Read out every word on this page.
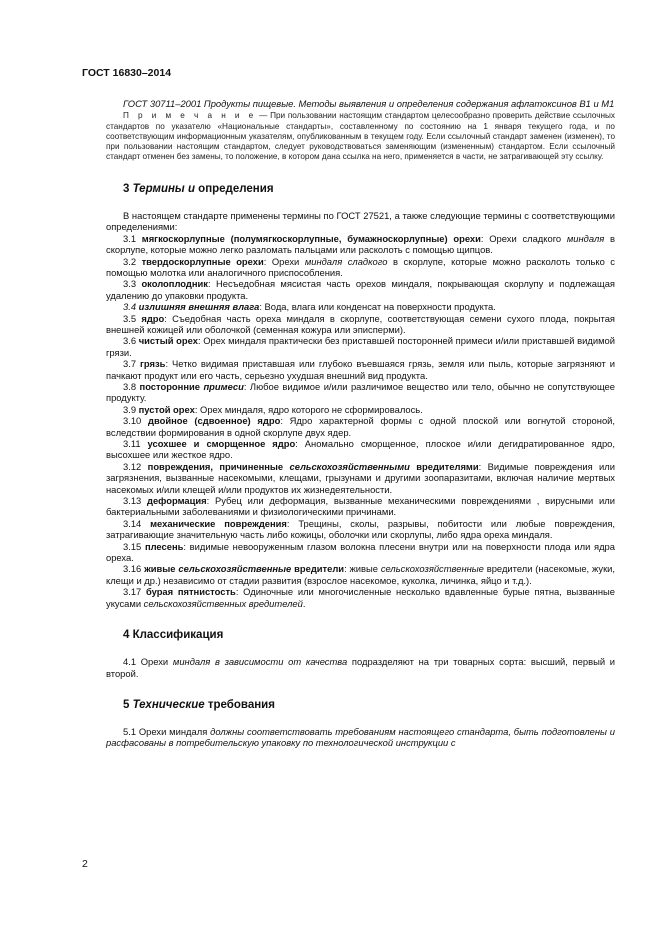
ГОСТ 16830–2014

ГОСТ 30711–2001 Продукты пищевые. Методы выявления и определения содержания афлатоксинов В1 и М1

П р и м е ч а н и е — При пользовании настоящим стандартом целесообразно проверить действие ссылочных стандартов по указателю «Национальные стандарты», составленному по состоянию на 1 января текущего года, и по соответствующим информационным указателям, опубликованным в текущем году. Если ссылочный стандарт заменен (изменен), то при пользовании настоящим стандартом, следует руководствоваться заменяющим (измененным) стандартом. Если ссылочный стандарт отменен без замены, то положение, в котором дана ссылка на него, применяется в части, не затрагивающей эту ссылку.

3 Термины и определения

В настоящем стандарте применены термины по ГОСТ 27521, а также следующие термины с соответствующими определениями:

3.1 мягкоскорлупные (полумягкоскорлупные, бумажноскорлупные) орехи: Орехи сладкого миндаля в скорлупе, которые можно легко разломать пальцами или расколоть с помощью щипцов.

3.2 твердоскорлупные орехи: Орехи миндаля сладкого в скорлупе, которые можно расколоть только с помощью молотка или аналогичного приспособления.

3.3 околоплодник: Несъедобная мясистая часть орехов миндаля, покрывающая скорлупу и подлежащая удалению до упаковки продукта.

3.4 излишняя внешняя влага: Вода, влага или конденсат на поверхности продукта.

3.5 ядро: Съедобная часть ореха миндаля в скорлупе, соответствующая семени сухого плода, покрытая внешней кожицей или оболочкой (семенная кожура или эписперми).

3.6 чистый орех: Орех миндаля практически без приставшей посторонней примеси и/или приставшей видимой грязи.

3.7 грязь: Четко видимая приставшая или глубоко въевшаяся грязь, земля или пыль, которые загрязняют и пачкают продукт или его часть, серьезно ухудшая внешний вид продукта.

3.8 посторонние примеси: Любое видимое и/или различимое вещество или тело, обычно не сопутствующее продукту.

3.9 пустой орех: Орех миндаля, ядро которого не сформировалось.

3.10 двойное (сдвоенное) ядро: Ядро характерной формы с одной плоской или вогнутой стороной, вследствии формирования в одной скорлупе двух ядер.

3.11 усохшее и сморщенное ядро: Аномально сморщенное, плоское и/или дегидратированное ядро, высохшее или жесткое ядро.

3.12 повреждения, причиненные сельскохозяйственными вредителями: Видимые повреждения или загрязнения, вызванные насекомыми, клещами, грызунами и другими зоопаразитами, включая наличие мертвых насекомых и/или клещей и/или продуктов их жизнедеятельности.

3.13 деформация: Рубец или деформация, вызванные механическими повреждениями , вирусными или бактериальными заболеваниями и физиологическими причинами.

3.14 механические повреждения: Трещины, сколы, разрывы, побитости или любые повреждения, затрагивающие значительную часть либо кожицы, оболочки или скорлупы, либо ядра ореха миндаля.

3.15 плесень: видимые невооруженным глазом волокна плесени внутри или на поверхности плода или ядра ореха.

3.16 живые сельскохозяйственные вредители: живые сельскохозяйственные вредители (насекомые, жуки, клещи и др.) независимо от стадии развития (взрослое насекомое, куколка, личинка, яйцо и т.д.).

3.17 бурая пятнистость: Одиночные или многочисленные несколько вдавленные бурые пятна, вызванные укусами сельскохозяйственных вредителей.

4 Классификация

4.1 Орехи миндаля в зависимости от качества подразделяют на три товарных сорта: высший, первый и второй.

5 Технические требования

5.1 Орехи миндаля должны соответствовать требованиям настоящего стандарта, быть подготовлены и расфасованы в потребительскую упаковку по технологической инструкции с

2
